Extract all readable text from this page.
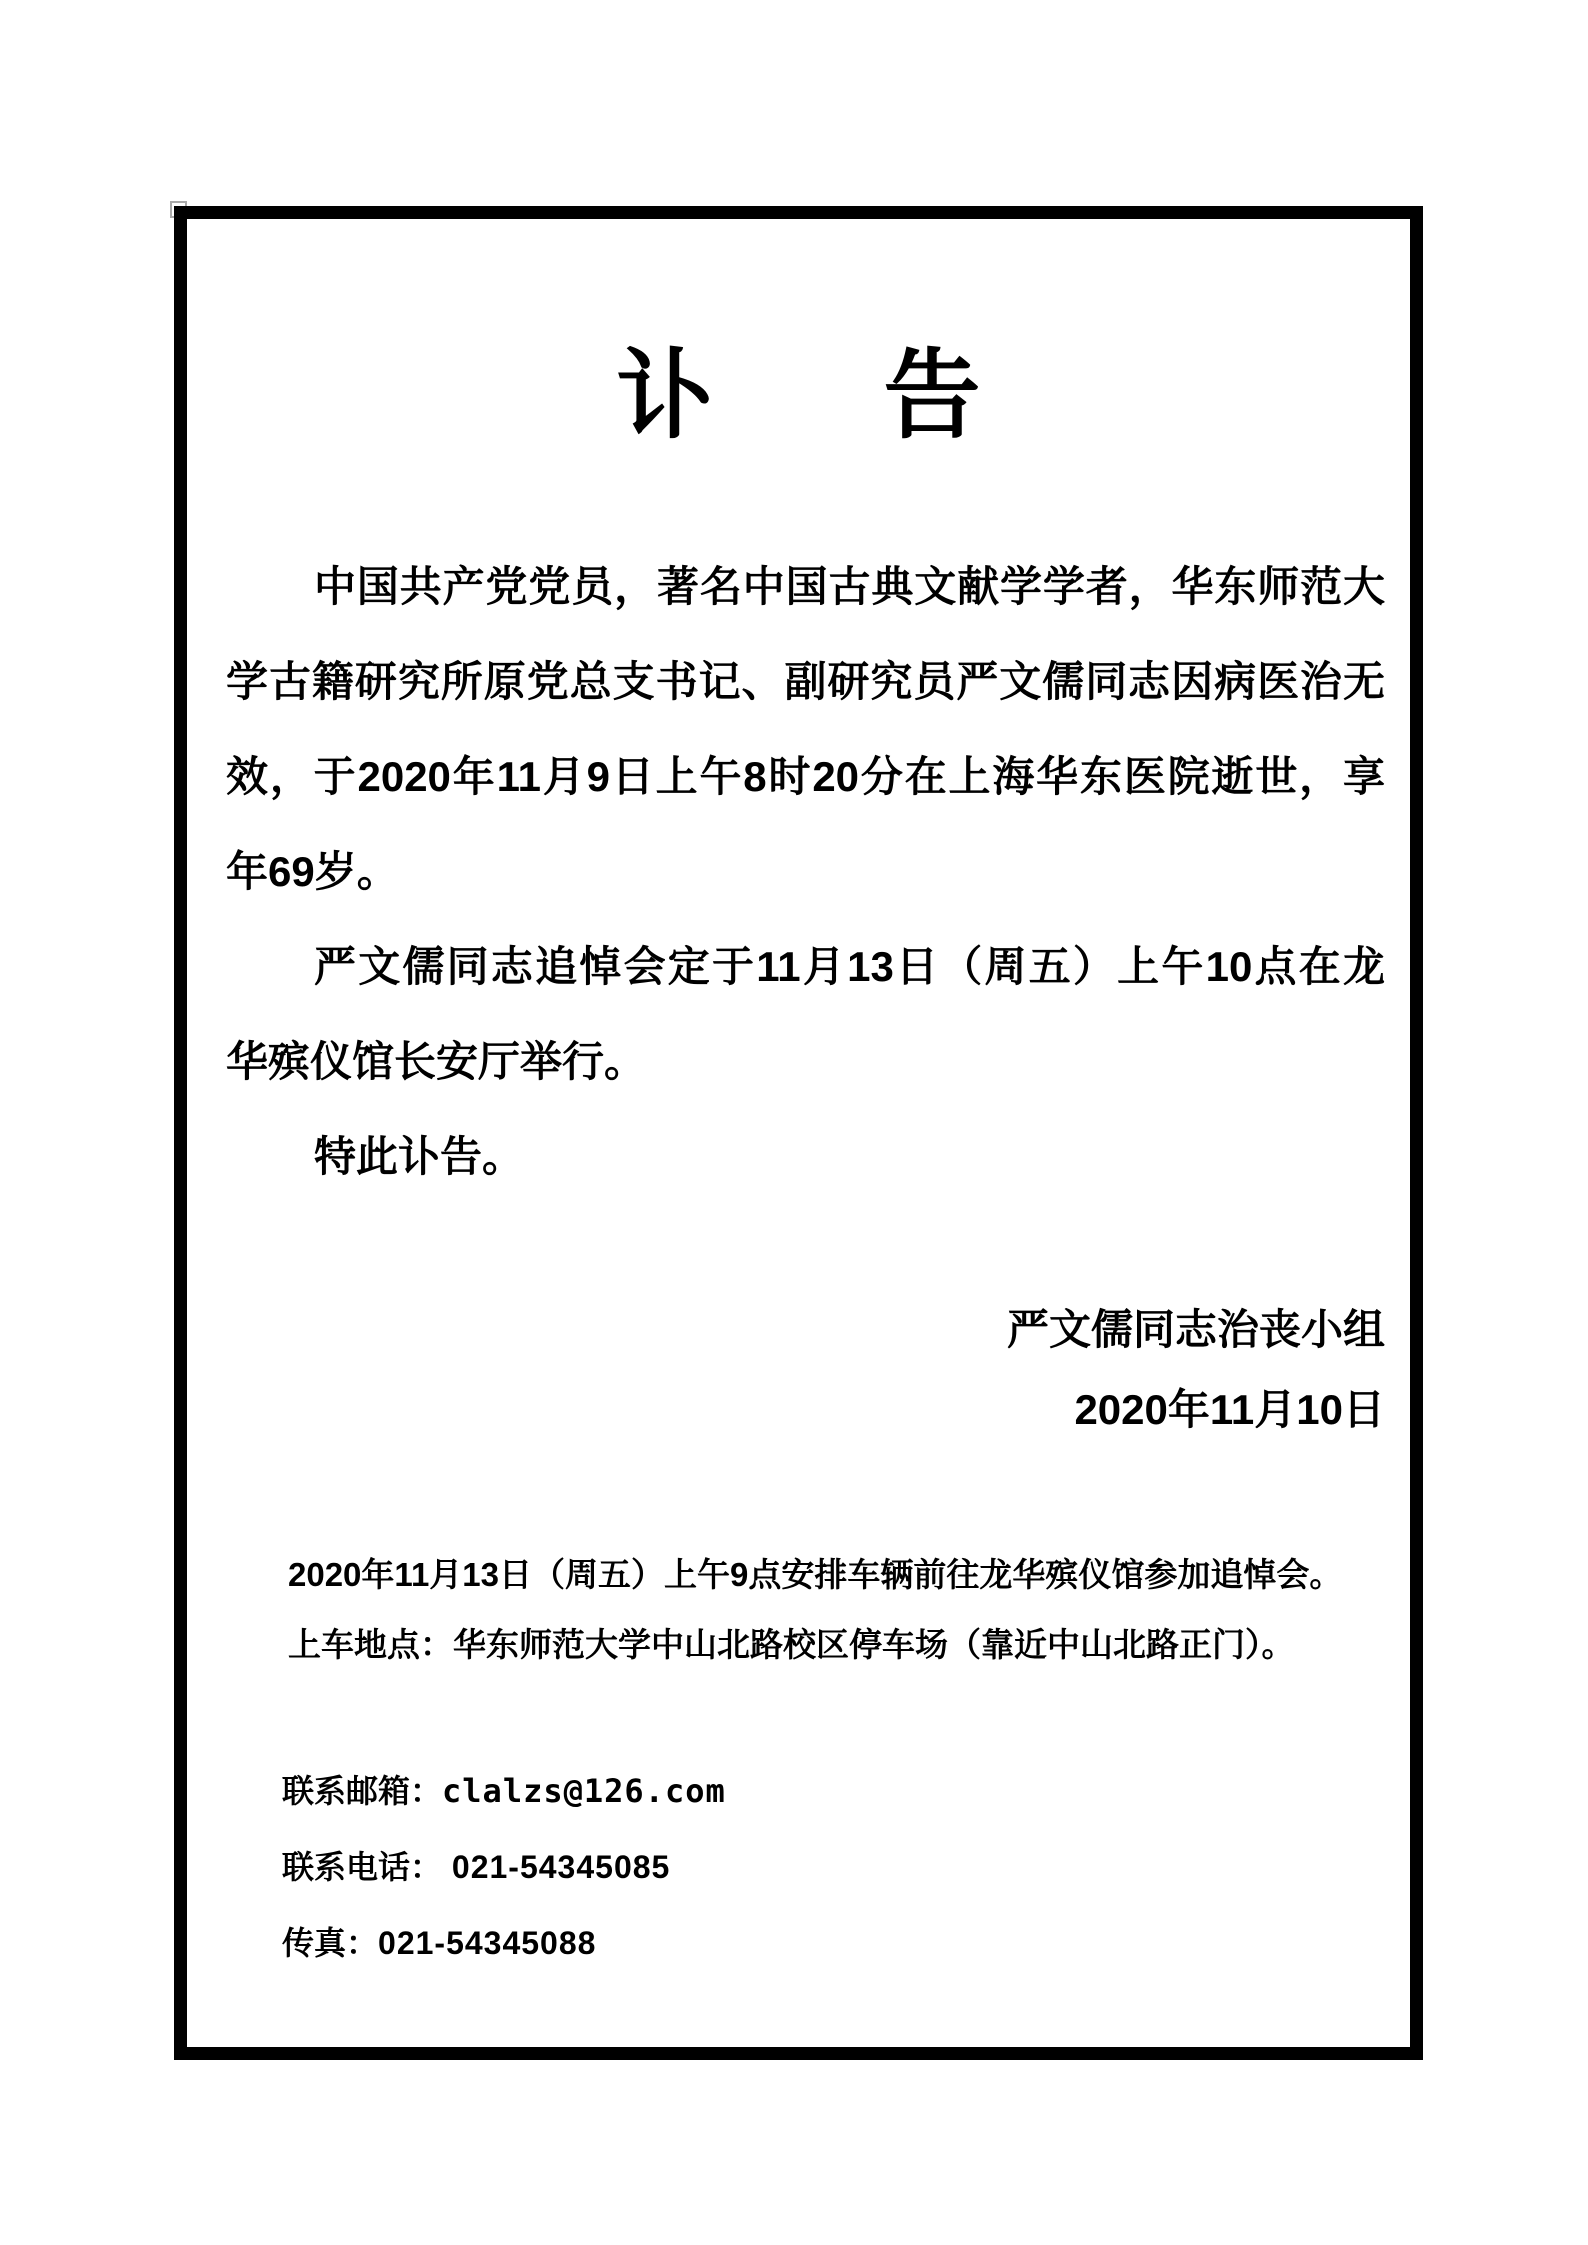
讣 告
中国共产党党员，著名中国古典文献学学者，华东师范大
学古籍研究所原党总支书记、副研究员严文儒同志因病医治无
效，于2020年11月9日上午8时20分在上海华东医院逝世，享
年69岁。
严文儒同志追悼会定于11月13日（周五）上午10点在龙
华殡仪馆长安厅举行。
特此讣告。
严文儒同志治丧小组
2020年11月10日
2020年11月13日（周五）上午9点安排车辆前往龙华殡仪馆参加追悼会。
上车地点：华东师范大学中山北路校区停车场（靠近中山北路正门）。
联系邮箱：clalzs@126.com
联系电话： 021-54345085
传真：021-54345088
